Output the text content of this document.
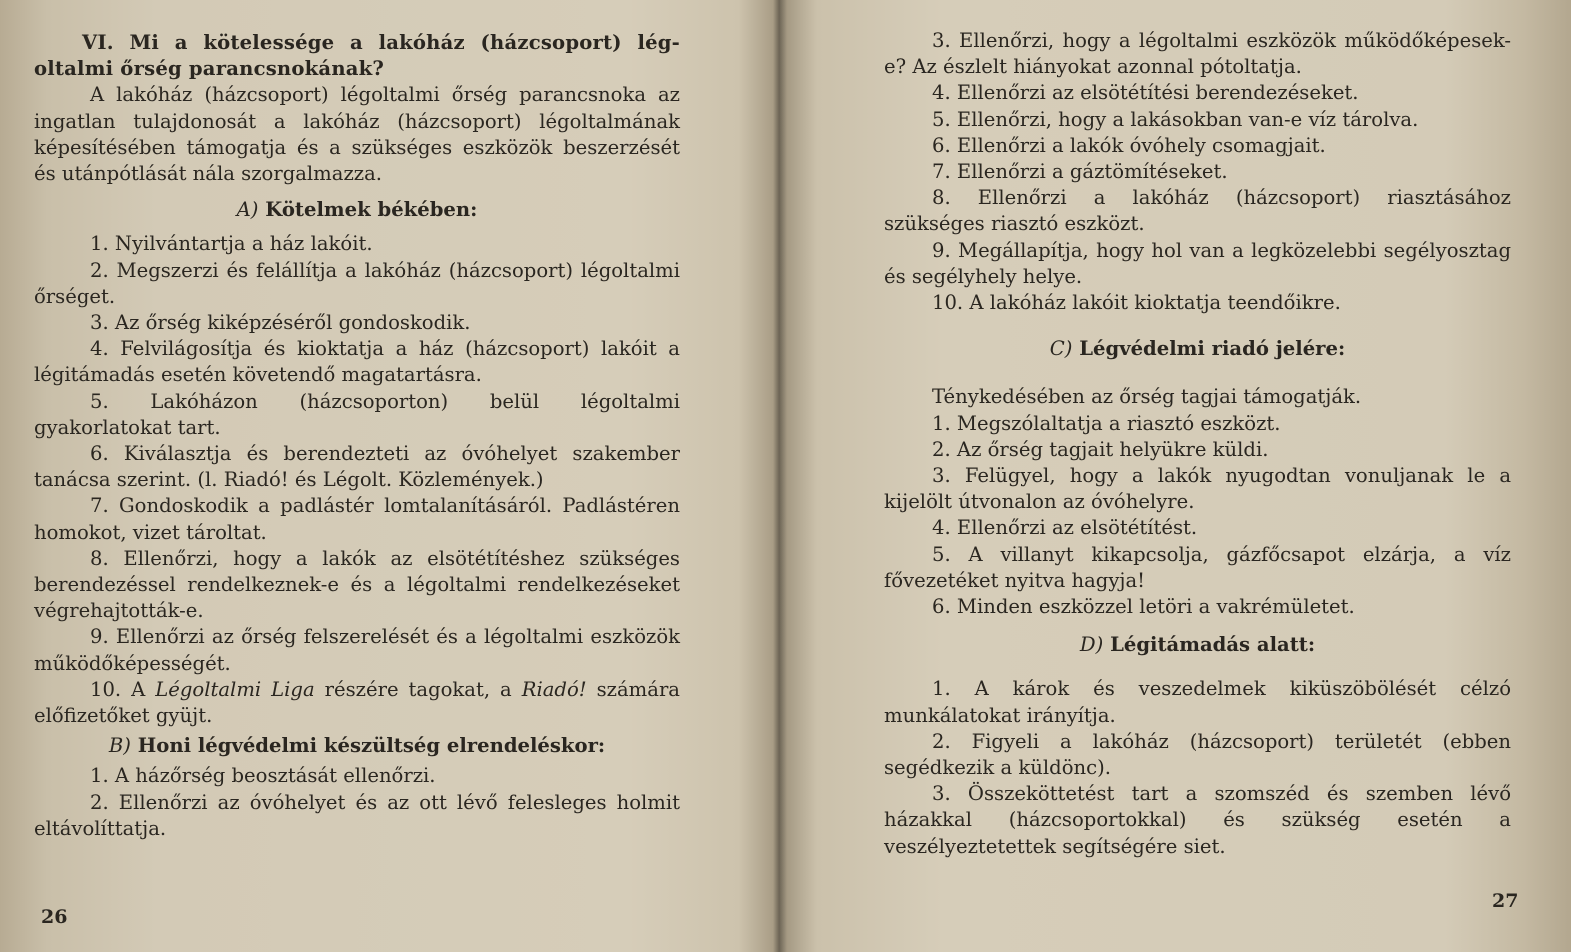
VI. Mi a kötelessége a lakóház (házcsoport) lég- oltalmi őrség parancsnokának?

A lakóház (házcsoport) légoltalmi őrség parancsnoka az ingatlan tulajdonosát a lakóház (házcsoport) légoltalmának képesítésében támogatja és a szükséges eszközök beszerzését és utánpótlását nála szorgalmazza.

A) Kötelmek békében:

1. Nyilvántartja a ház lakóit.

2. Megszerzi és felállítja a lakóház (házcsoport) légoltalmi őrséget.

3. Az őrség kiképzéséről gondoskodik.

4. Felvilágosítja és kioktatja a ház (házcsoport) lakóit a légitámadás esetén követendő magatartásra.

5. Lakóházon (házcsoporton) belül légoltalmi gyakorlatokat tart.

6. Kiválasztja és berendezteti az óvóhelyet szakember tanácsa szerint. (l. Riadó! és Légolt. Közlemények.)

7. Gondoskodik a padlástér lomtalanításáról. Padlástéren homokot, vizet tároltat.

8. Ellenőrzi, hogy a lakók az elsötétítéshez szükséges berendezéssel rendelkeznek-e és a légoltalmi rendelkezéseket végrehajtották-e.

9. Ellenőrzi az őrség felszerelését és a légoltalmi eszközök működőképességét.

10. A Légoltalmi Liga részére tagokat, a Riadó! számára előfizetőket gyüjt.

B) Honi légvédelmi készültség elrendeléskor:

1. A házőrség beosztását ellenőrzi.

2. Ellenőrzi az óvóhelyet és az ott lévő felesleges holmit eltávolíttatja.

26

3. Ellenőrzi, hogy a légoltalmi eszközök működőképesek-e? Az észlelt hiányokat azonnal pótoltatja.

4. Ellenőrzi az elsötétítési berendezéseket.

5. Ellenőrzi, hogy a lakásokban van-e víz tárolva.

6. Ellenőrzi a lakók óvóhely csomagjait.

7. Ellenőrzi a gáztömítéseket.

8. Ellenőrzi a lakóház (házcsoport) riasztásához szükséges riasztó eszközt.

9. Megállapítja, hogy hol van a legközelebbi segélyosztag és segélyhely helye.

10. A lakóház lakóit kioktatja teendőikre.

C) Légvédelmi riadó jelére:

Ténykedésében az őrség tagjai támogatják.

1. Megszólaltatja a riasztó eszközt.

2. Az őrség tagjait helyükre küldi.

3. Felügyel, hogy a lakók nyugodtan vonuljanak le a kijelölt útvonalon az óvóhelyre.

4. Ellenőrzi az elsötétítést.

5. A villanyt kikapcsolja, gázfőcsapot elzárja, a víz fővezetéket nyitva hagyja!

6. Minden eszközzel letöri a vakrémületet.

D) Légitámadás alatt:

1. A károk és veszedelmek kiküszöbölését célzó munkálatokat irányítja.

2. Figyeli a lakóház (házcsoport) területét (ebben segédkezik a küldönc).

3. Összeköttetést tart a szomszéd és szemben lévő házakkal (házcsoportokkal) és szükség esetén a veszélyeztetettek segítségére siet.

27
